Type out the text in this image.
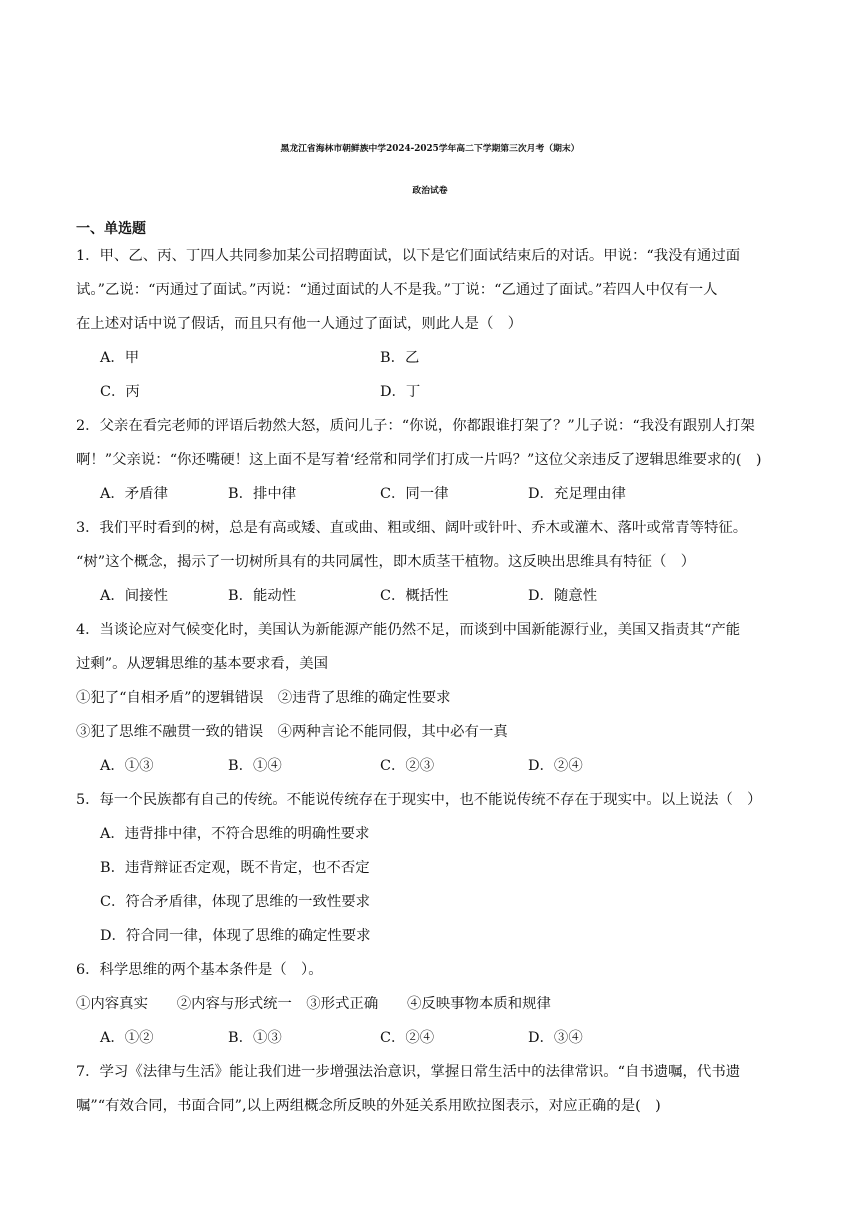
黑龙江省海林市朝鲜族中学2024-2025学年高二下学期第三次月考（期末）
政治试卷
一、单选题
1．甲、乙、丙、丁四人共同参加某公司招聘面试，以下是它们面试结束后的对话。甲说：“我没有通过面
试。”乙说：“丙通过了面试。”丙说：“通过面试的人不是我。”丁说：“乙通过了面试。”若四人中仅有一人
在上述对话中说了假话，而且只有他一人通过了面试，则此人是（　）
A．甲	B．乙
C．丙	D．丁
2．父亲在看完老师的评语后勃然大怒，质问儿子：“你说，你都跟谁打架了？”儿子说：“我没有跟别人打架
啊！”父亲说：“你还嘴硬！这上面不是写着‘经常和同学们打成一片吗？”这位父亲违反了逻辑思维要求的(　)
A．矛盾律	B．排中律	C．同一律	D．充足理由律
3．我们平时看到的树，总是有高或矮、直或曲、粗或细、阔叶或针叶、乔木或灌木、落叶或常青等特征。
“树”这个概念，揭示了一切树所具有的共同属性，即木质茎干植物。这反映出思维具有特征（　）
A．间接性	B．能动性	C．概括性	D．随意性
4．当谈论应对气候变化时，美国认为新能源产能仍然不足，而谈到中国新能源行业，美国又指责其“产能
过剩”。从逻辑思维的基本要求看，美国
①犯了“自相矛盾”的逻辑错误　②违背了思维的确定性要求
③犯了思维不融贯一致的错误　④两种言论不能同假，其中必有一真
A．①③	B．①④	C．②③	D．②④
5．每一个民族都有自己的传统。不能说传统存在于现实中，也不能说传统不存在于现实中。以上说法（　）
A．违背排中律，不符合思维的明确性要求
B．违背辩证否定观，既不肯定，也不否定
C．符合矛盾律，体现了思维的一致性要求
D．符合同一律，体现了思维的确定性要求
6．科学思维的两个基本条件是（　）。
①内容真实　　②内容与形式统一　③形式正确　　④反映事物本质和规律
A．①②	B．①③	C．②④	D．③④
7．学习《法律与生活》能让我们进一步增强法治意识，掌握日常生活中的法律常识。“自书遗嘱，代书遗
嘱”“有效合同，书面合同”,以上两组概念所反映的外延关系用欧拉图表示，对应正确的是(　)
